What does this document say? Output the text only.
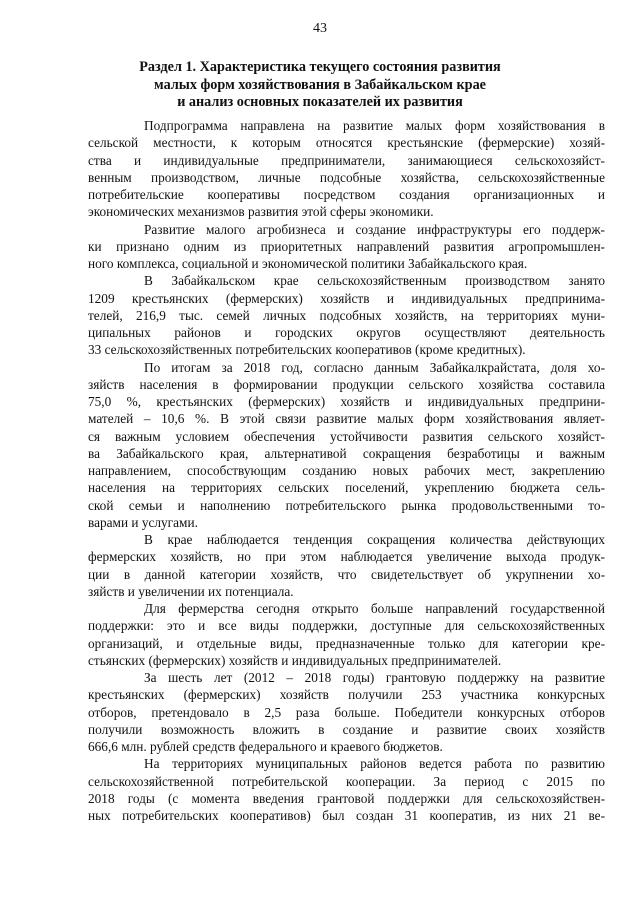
43
Раздел 1. Характеристика текущего состояния развития
малых форм хозяйствования в Забайкальском крае
и анализ основных показателей их развития

Подпрограмма направлена на развитие малых форм хозяйствования в
сельской местности, к которым относятся крестьянские (фермерские) хозяй-
ства и индивидуальные предприниматели, занимающиеся сельскохозяйст-
венным производством, личные подсобные хозяйства, сельскохозяйственные
потребительские кооперативы посредством создания организационных и
экономических механизмов развития этой сферы экономики.

Развитие малого агробизнеса и создание инфраструктуры его поддерж-
ки признано одним из приоритетных направлений развития агропромышлен-
ного комплекса, социальной и экономической политики Забайкальского края.

В Забайкальском крае сельскохозяйственным производством занято
1209 крестьянских (фермерских) хозяйств и индивидуальных предпринима-
телей, 216,9 тыс. семей личных подсобных хозяйств, на территориях муни-
ципальных районов и городских округов осуществляют деятельность
33 сельскохозяйственных потребительских кооперативов (кроме кредитных).

По итогам за 2018 год, согласно данным Забайкалкрайстата, доля хо-
зяйств населения в формировании продукции сельского хозяйства составила
75,0 %, крестьянских (фермерских) хозяйств и индивидуальных предприни-
мателей – 10,6 %. В этой связи развитие малых форм хозяйствования являет-
ся важным условием обеспечения устойчивости развития сельского хозяйст-
ва Забайкальского края, альтернативой сокращения безработицы и важным
направлением, способствующим созданию новых рабочих мест, закреплению
населения на территориях сельских поселений, укреплению бюджета сель-
ской семьи и наполнению потребительского рынка продовольственными то-
варами и услугами.

В крае наблюдается тенденция сокращения количества действующих
фермерских хозяйств, но при этом наблюдается увеличение выхода продук-
ции в данной категории хозяйств, что свидетельствует об укрупнении хо-
зяйств и увеличении их потенциала.

Для фермерства сегодня открыто больше направлений государственной
поддержки: это и все виды поддержки, доступные для сельскохозяйственных
организаций, и отдельные виды, предназначенные только для категории кре-
стьянских (фермерских) хозяйств и индивидуальных предпринимателей.

За шесть лет (2012 – 2018 годы) грантовую поддержку на развитие
крестьянских (фермерских) хозяйств получили 253 участника конкурсных
отборов, претендовало в 2,5 раза больше. Победители конкурсных отборов
получили возможность вложить в создание и развитие своих хозяйств
666,6 млн. рублей средств федерального и краевого бюджетов.

На территориях муниципальных районов ведется работа по развитию
сельскохозяйственной потребительской кооперации. За период с 2015 по
2018 годы (с момента введения грантовой поддержки для сельскохозяйствен-
ных потребительских кооперативов) был создан 31 кооператив, из них 21 ве-
